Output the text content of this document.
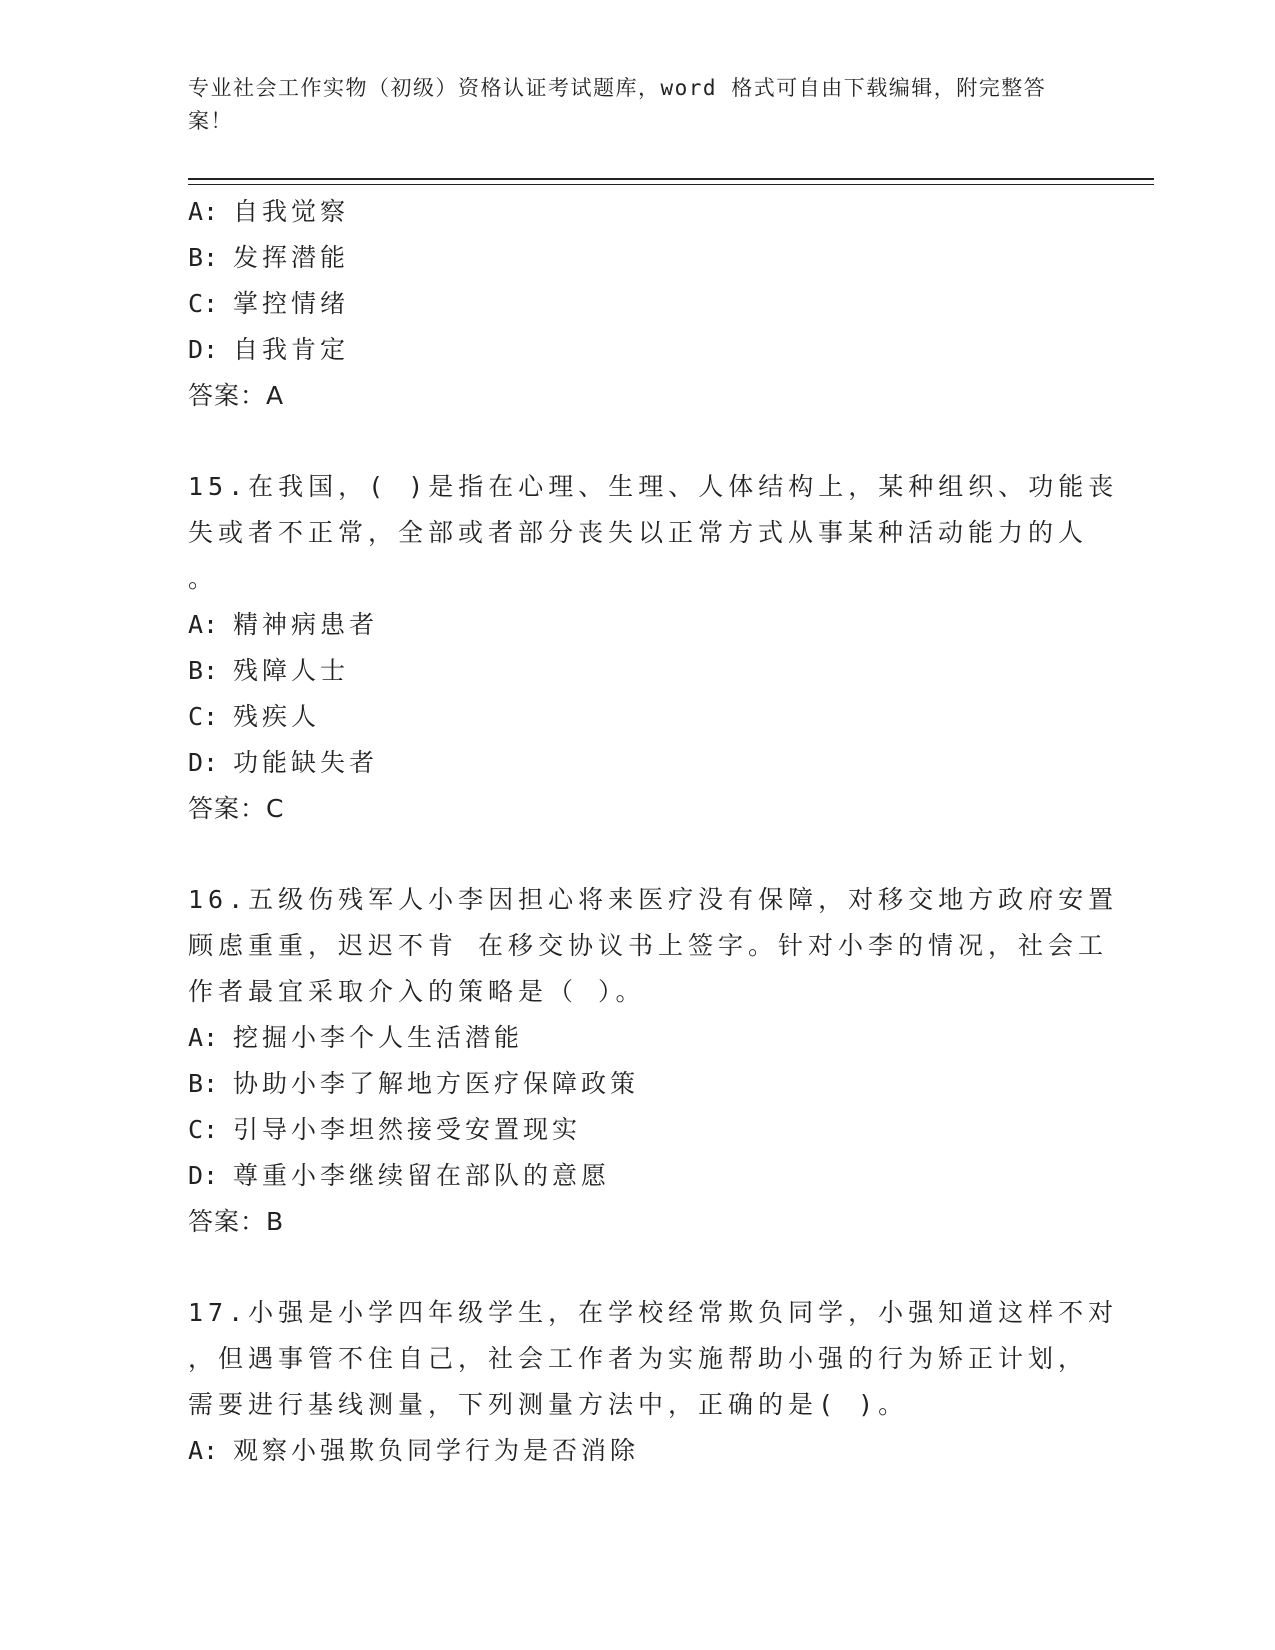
专业社会工作实物（初级）资格认证考试题库，word 格式可自由下载编辑，附完整答案！
A: 自我觉察
B: 发挥潜能
C: 掌控情绪
D: 自我肯定
答案：A
15.在我国，( )是指在心理、生理、人体结构上，某种组织、功能丧
失或者不正常，全部或者部分丧失以正常方式从事某种活动能力的人
。
A: 精神病患者
B: 残障人士
C: 残疾人
D: 功能缺失者
答案：C
16.五级伤残军人小李因担心将来医疗没有保障，对移交地方政府安置
顾虑重重，迟迟不肯 在移交协议书上签字。针对小李的情况，社会工
作者最宜采取介入的策略是（ ）。
A: 挖掘小李个人生活潜能
B: 协助小李了解地方医疗保障政策
C: 引导小李坦然接受安置现实
D: 尊重小李继续留在部队的意愿
答案：B
17.小强是小学四年级学生，在学校经常欺负同学，小强知道这样不对
，但遇事管不住自己，社会工作者为实施帮助小强的行为矫正计划，
需要进行基线测量，下列测量方法中，正确的是( )。
A: 观察小强欺负同学行为是否消除
